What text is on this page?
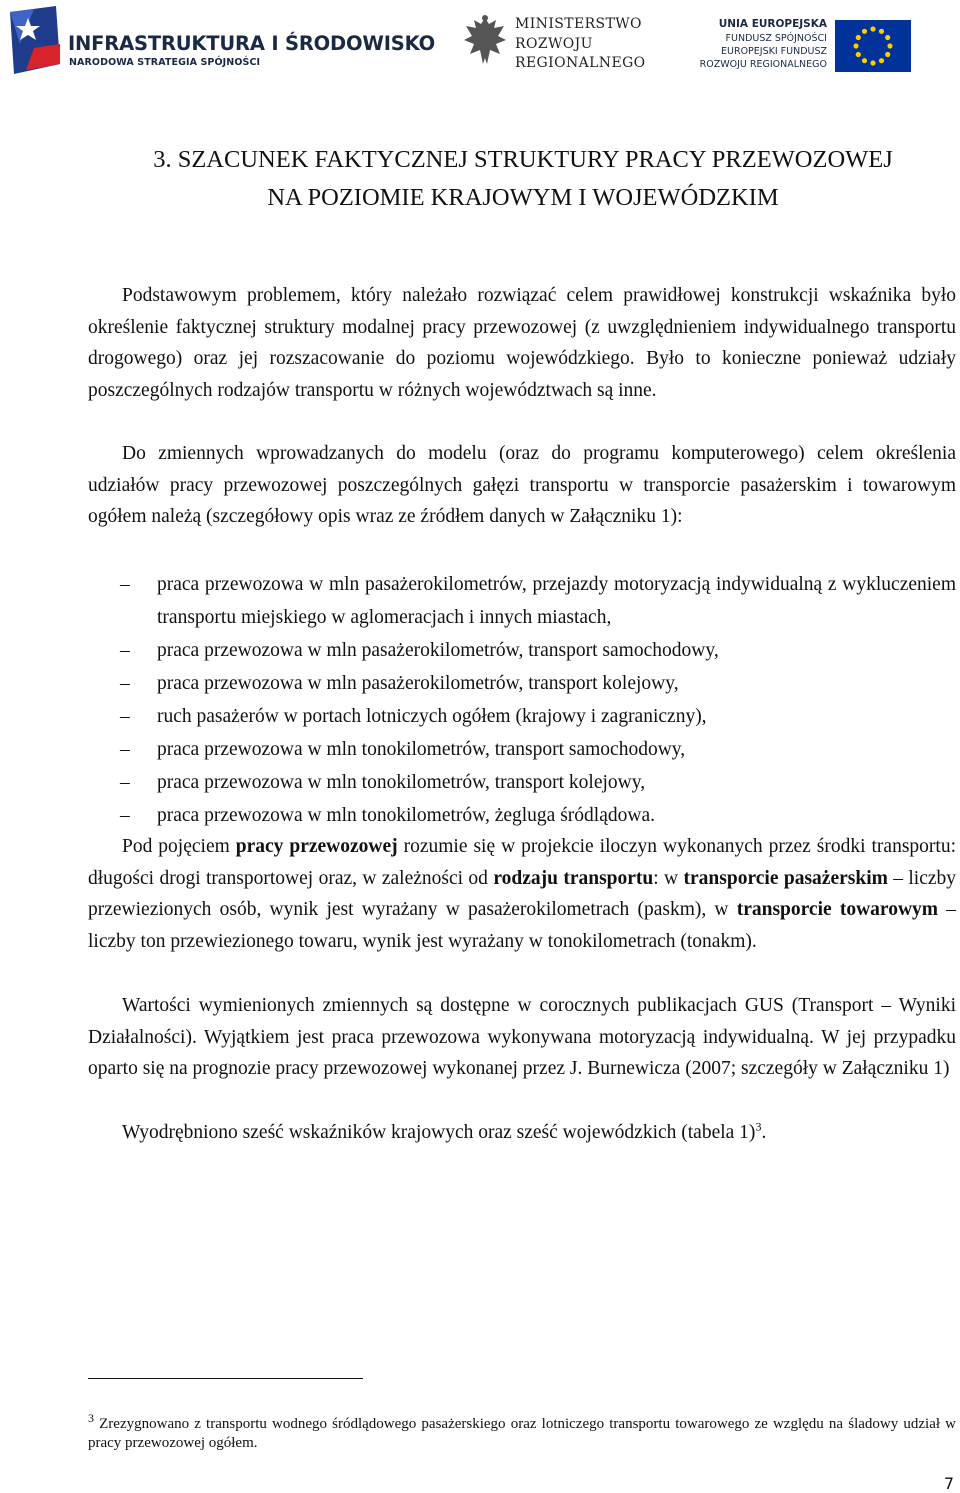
INFRASTRUKTURA I ŚRODOWISKO
NARODOWA STRATEGIA SPÓJNOŚCI
MINISTERSTWO
ROZWOJU
REGIONALNEGO
UNIA EUROPEJSKA
FUNDUSZ SPÓJNOŚCI
EUROPEJSKI FUNDUSZ
ROZWOJU REGIONALNEGO
3. SZACUNEK FAKTYCZNEJ STRUKTURY PRACY PRZEWOZOWEJ
NA POZIOMIE KRAJOWYM I WOJEWÓDZKIM
Podstawowym problemem, który należało rozwiązać celem prawidłowej konstrukcji wskaźnika było określenie faktycznej struktury modalnej pracy przewozowej (z uwzględnieniem indywidualnego transportu drogowego) oraz jej rozszacowanie do poziomu wojewódzkiego. Było to konieczne ponieważ udziały poszczególnych rodzajów transportu w różnych województwach są inne.
Do zmiennych wprowadzanych do modelu (oraz do programu komputerowego) celem określenia udziałów pracy przewozowej poszczególnych gałęzi transportu w transporcie pasażerskim i towarowym ogółem należą (szczegółowy opis wraz ze źródłem danych w Załączniku 1):
– praca przewozowa w mln pasażerokilometrów, przejazdy motoryzacją indywidualną z wykluczeniem transportu miejskiego w aglomeracjach i innych miastach,
– praca przewozowa w mln pasażerokilometrów, transport samochodowy,
– praca przewozowa w mln pasażerokilometrów, transport kolejowy,
– ruch pasażerów w portach lotniczych ogółem (krajowy i zagraniczny),
– praca przewozowa w mln tonokilometrów, transport samochodowy,
– praca przewozowa w mln tonokilometrów, transport kolejowy,
– praca przewozowa w mln tonokilometrów, żegluga śródlądowa.
Pod pojęciem pracy przewozowej rozumie się w projekcie iloczyn wykonanych przez środki transportu: długości drogi transportowej oraz, w zależności od rodzaju transportu: w transporcie pasażerskim – liczby przewiezionych osób, wynik jest wyrażany w pasażerokilometrach (paskm), w transporcie towarowym – liczby ton przewiezionego towaru, wynik jest wyrażany w tonokilometrach (tonakm).
Wartości wymienionych zmiennych są dostępne w corocznych publikacjach GUS (Transport – Wyniki Działalności). Wyjątkiem jest praca przewozowa wykonywana motoryzacją indywidualną. W jej przypadku oparto się na prognozie pracy przewozowej wykonanej przez J. Burnewicza (2007; szczegóły w Załączniku 1)
Wyodrębniono sześć wskaźników krajowych oraz sześć wojewódzkich (tabela 1)$^3$.
$^3$ Zrezygnowano z transportu wodnego śródlądowego pasażerskiego oraz lotniczego transportu towarowego ze względu na śladowy udział w pracy przewozowej ogółem.
7
